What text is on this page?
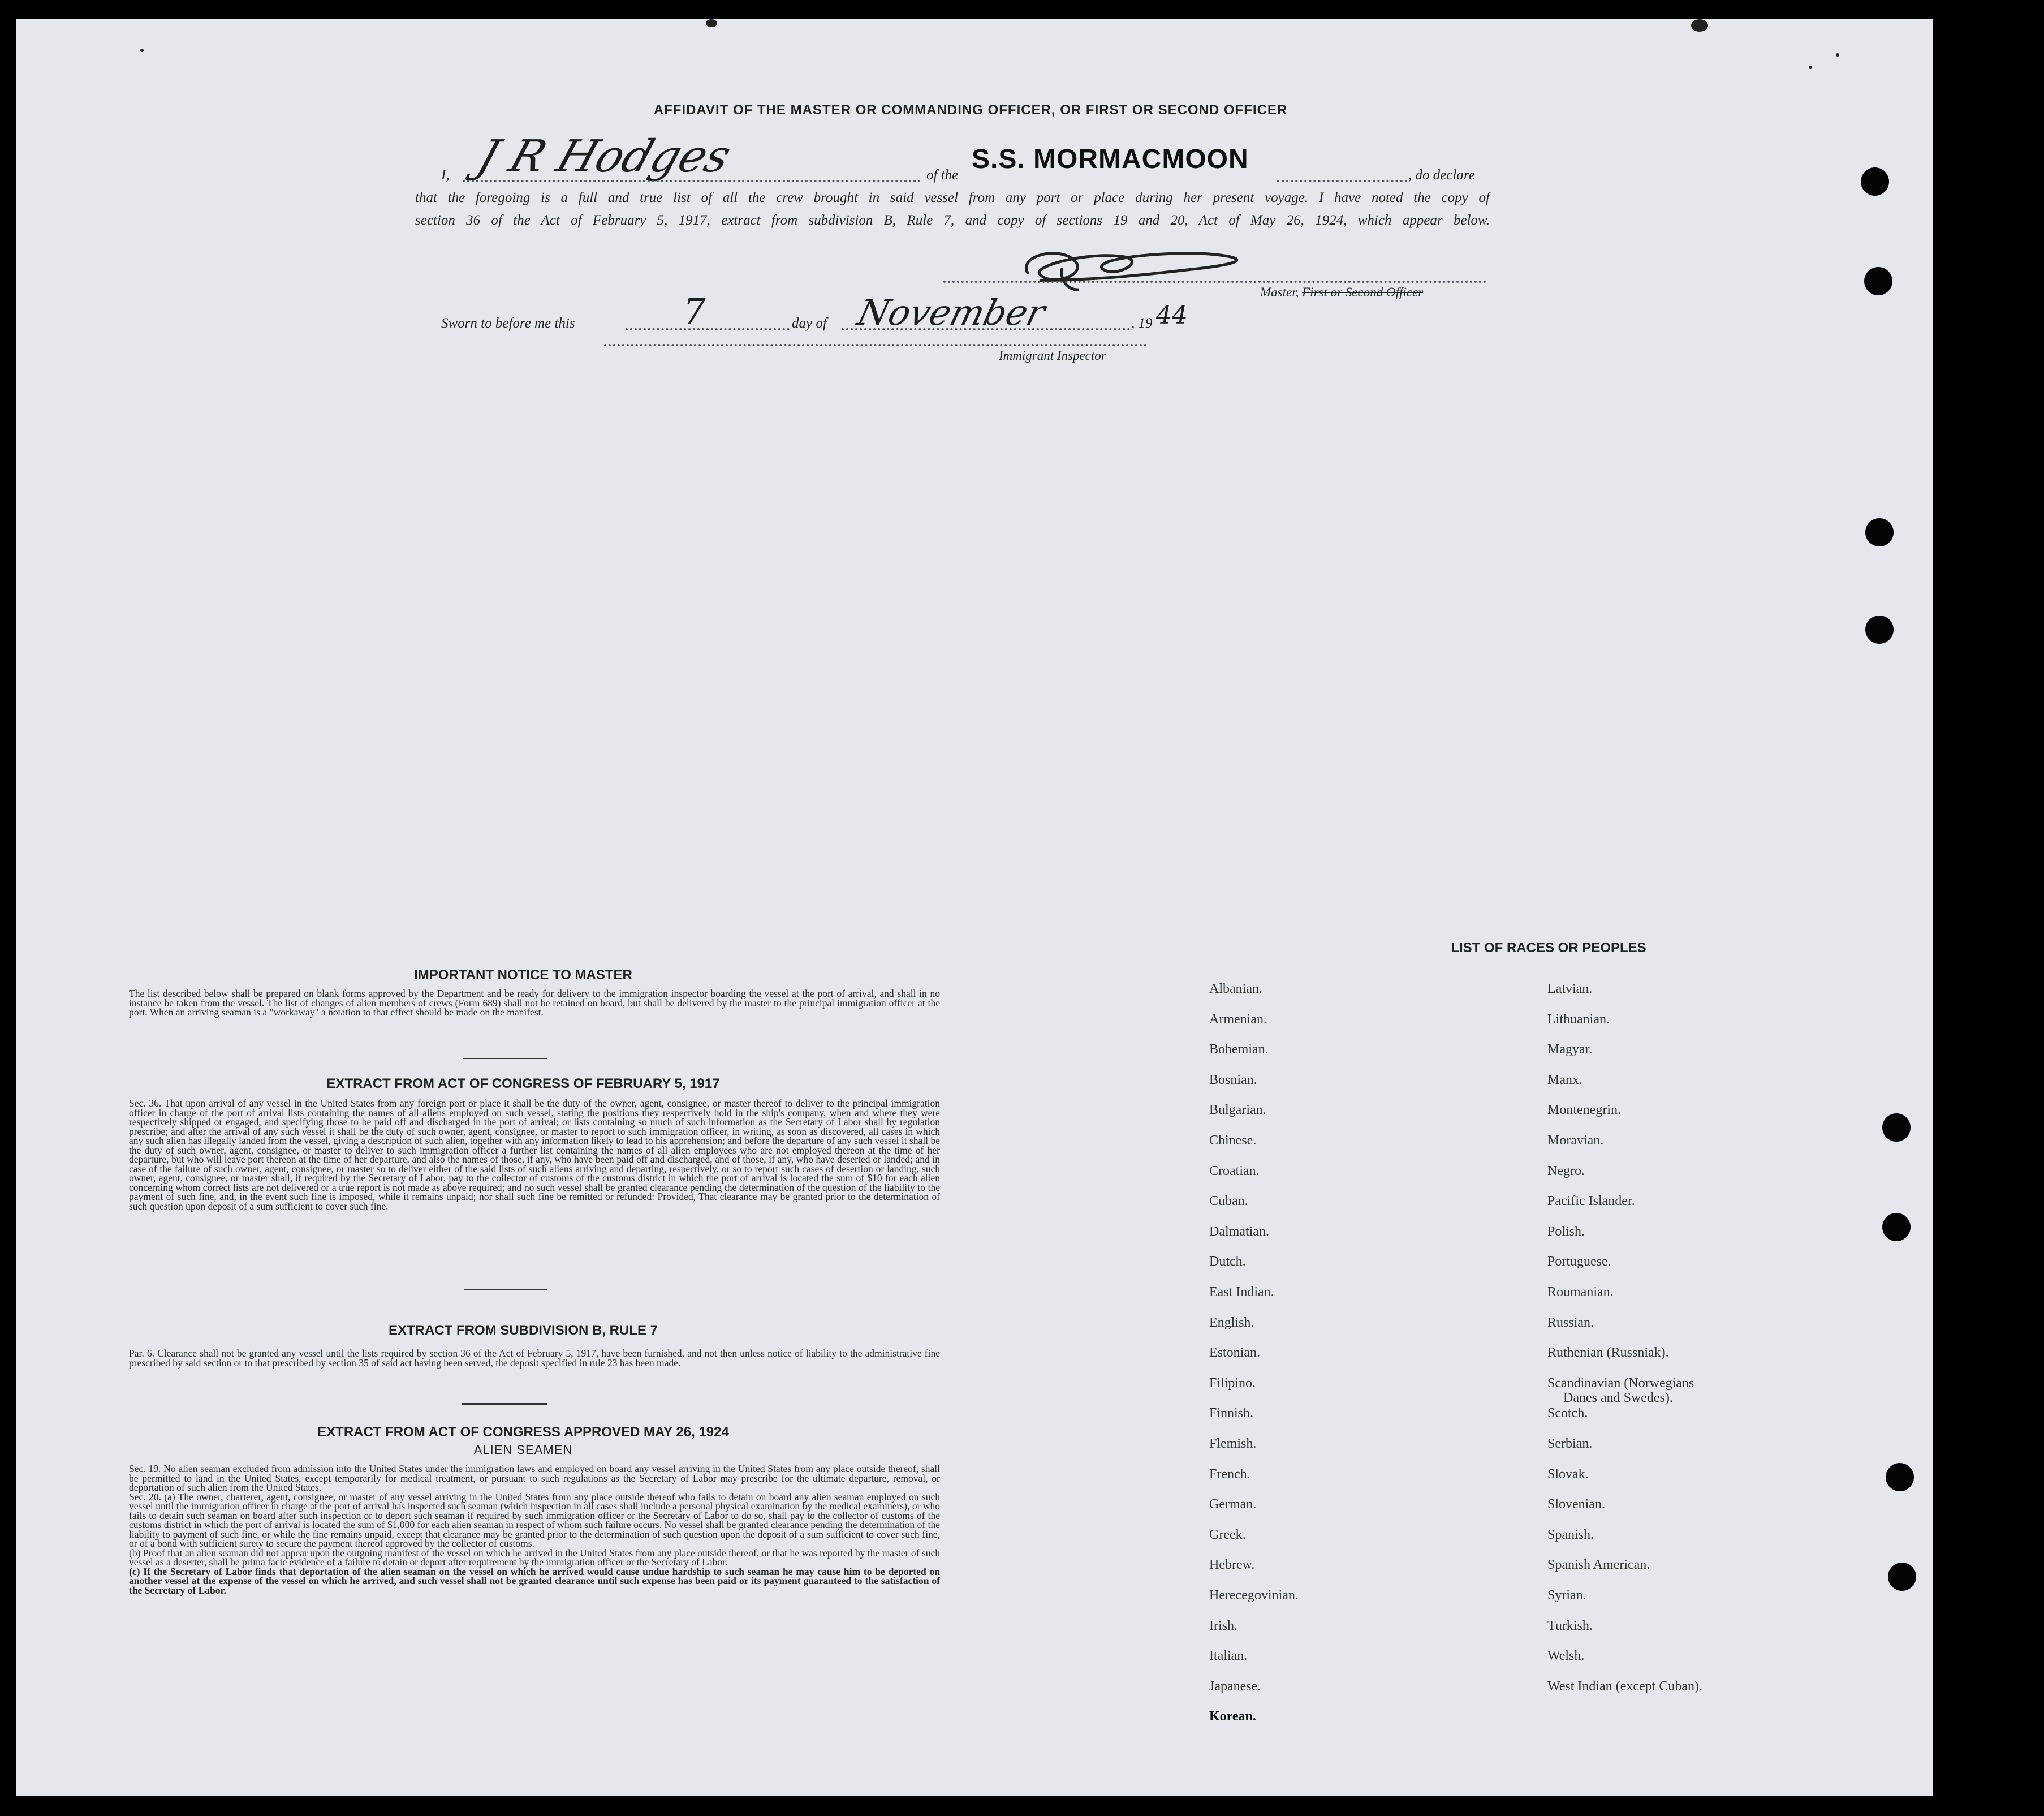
AFFIDAVIT OF THE MASTER OR COMMANDING OFFICER, OR FIRST OR SECOND OFFICER
I, J R Hodges	of the
S.S. MORMACMOON
, do declare
that the foregoing is a full and true list of all the crew brought in said vessel from any port or place during her present voyage. I have noted the copy of
section 36 of the Act of February 5, 1917, extract from subdivision B, Rule 7, and copy of sections 19 and 20, Act of May 26, 1924, which appear below.
Master, First or Second Officer
Sworn to before me this	7	day of November	, 19 44
Immigrant Inspector
IMPORTANT NOTICE TO MASTER
The list described below shall be prepared on blank forms approved by the Department and be ready for delivery to the immigration inspector boarding the vessel at the port of arrival, and shall in no instance be taken from the vessel. The list of changes of alien members of crews (Form 689) shall not be retained on board, but shall be delivered by the master to the principal immigration officer at the port. When an arriving seaman is a "workaway" a notation to that effect should be made on the manifest.
EXTRACT FROM ACT OF CONGRESS OF FEBRUARY 5, 1917
Sec. 36. That upon arrival of any vessel in the United States from any foreign port or place it shall be the duty of the owner, agent, consignee, or master thereof to deliver to the principal immigration officer in charge of the port of arrival lists containing the names of all aliens employed on such vessel, stating the positions they respectively hold in the ship's company, when and where they were respectively shipped or engaged, and specifying those to be paid off and discharged in the port of arrival; or lists containing so much of such information as the Secretary of Labor shall by regulation prescribe; and after the arrival of any such vessel it shall be the duty of such owner, agent, consignee, or master to report to such immigration officer, in writing, as soon as discovered, all cases in which any such alien has illegally landed from the vessel, giving a description of such alien, together with any information likely to lead to his apprehension; and before the departure of any such vessel it shall be the duty of such owner, agent, consignee, or master to deliver to such immigration officer a further list containing the names of all alien employees who are not employed thereon at the time of her departure, but who will leave port thereon at the time of her departure, and also the names of those, if any, who have been paid off and discharged, and of those, if any, who have deserted or landed; and in case of the failure of such owner, agent, consignee, or master so to deliver either of the said lists of such aliens arriving and departing, respectively, or so to report such cases of desertion or landing, such owner, agent, consignee, or master shall, if required by the Secretary of Labor, pay to the collector of customs of the customs district in which the port of arrival is located the sum of $10 for each alien concerning whom correct lists are not delivered or a true report is not made as above required; and no such vessel shall be granted clearance pending the determination of the question of the liability to the payment of such fine, and, in the event such fine is imposed, while it remains unpaid; nor shall such fine be remitted or refunded: Provided, That clearance may be granted prior to the determination of such question upon deposit of a sum sufficient to cover such fine.
EXTRACT FROM SUBDIVISION B, RULE 7
Par. 6. Clearance shall not be granted any vessel until the lists required by section 36 of the Act of February 5, 1917, have been furnished, and not then unless notice of liability to the administrative fine prescribed by said section or to that prescribed by section 35 of said act having been served, the deposit specified in rule 23 has been made.
EXTRACT FROM ACT OF CONGRESS APPROVED MAY 26, 1924
ALIEN SEAMEN
Sec. 19. No alien seaman excluded from admission into the United States under the immigration laws and employed on board any vessel arriving in the United States from any place outside thereof, shall be permitted to land in the United States, except temporarily for medical treatment, or pursuant to such regulations as the Secretary of Labor may prescribe for the ultimate departure, removal, or deportation of such alien from the United States.
Sec. 20. (a) The owner, charterer, agent, consignee, or master of any vessel arriving in the United States from any place outside thereof who fails to detain on board any alien seaman employed on such vessel until the immigration officer in charge at the port of arrival has inspected such seaman (which inspection in all cases shall include a personal physical examination by the medical examiners), or who fails to detain such seaman on board after such inspection or to deport such seaman if required by such immigration officer or the Secretary of Labor to do so, shall pay to the collector of customs of the customs district in which the port of arrival is located the sum of $1,000 for each alien seaman in respect of whom such failure occurs. No vessel shall be granted clearance pending the determination of the liability to payment of such fine, or while the fine remains unpaid, except that clearance may be granted prior to the determination of such question upon the deposit of a sum sufficient to cover such fine, or of a bond with sufficient surety to secure the payment thereof approved by the collector of customs.
(b) Proof that an alien seaman did not appear upon the outgoing manifest of the vessel on which he arrived in the United States from any place outside thereof, or that he was reported by the master of such vessel as a deserter, shall be prima facie evidence of a failure to detain or deport after requirement by the immigration officer or the Secretary of Labor.
(c) If the Secretary of Labor finds that deportation of the alien seaman on the vessel on which he arrived would cause undue hardship to such seaman he may cause him to be deported on another vessel at the expense of the vessel on which he arrived, and such vessel shall not be granted clearance until such expense has been paid or its payment guaranteed to the satisfaction of the Secretary of Labor.
LIST OF RACES OR PEOPLES
Albanian.
Armenian.
Bohemian.
Bosnian.
Bulgarian.
Chinese.
Croatian.
Cuban.
Dalmatian.
Dutch.
East Indian.
English.
Estonian.
Filipino.
Finnish.
Flemish.
French.
German.
Greek.
Hebrew.
Herecegovinian.
Irish.
Italian.
Japanese.
Korean.
Latvian.
Lithuanian.
Magyar.
Manx.
Montenegrin.
Moravian.
Negro.
Pacific Islander.
Polish.
Portuguese.
Roumanian.
Russian.
Ruthenian (Russniak).
Scandinavian (Norwegians
Danes and Swedes).
Scotch.
Serbian.
Slovak.
Slovenian.
Spanish.
Spanish American.
Syrian.
Turkish.
Welsh.
West Indian (except Cuban).
